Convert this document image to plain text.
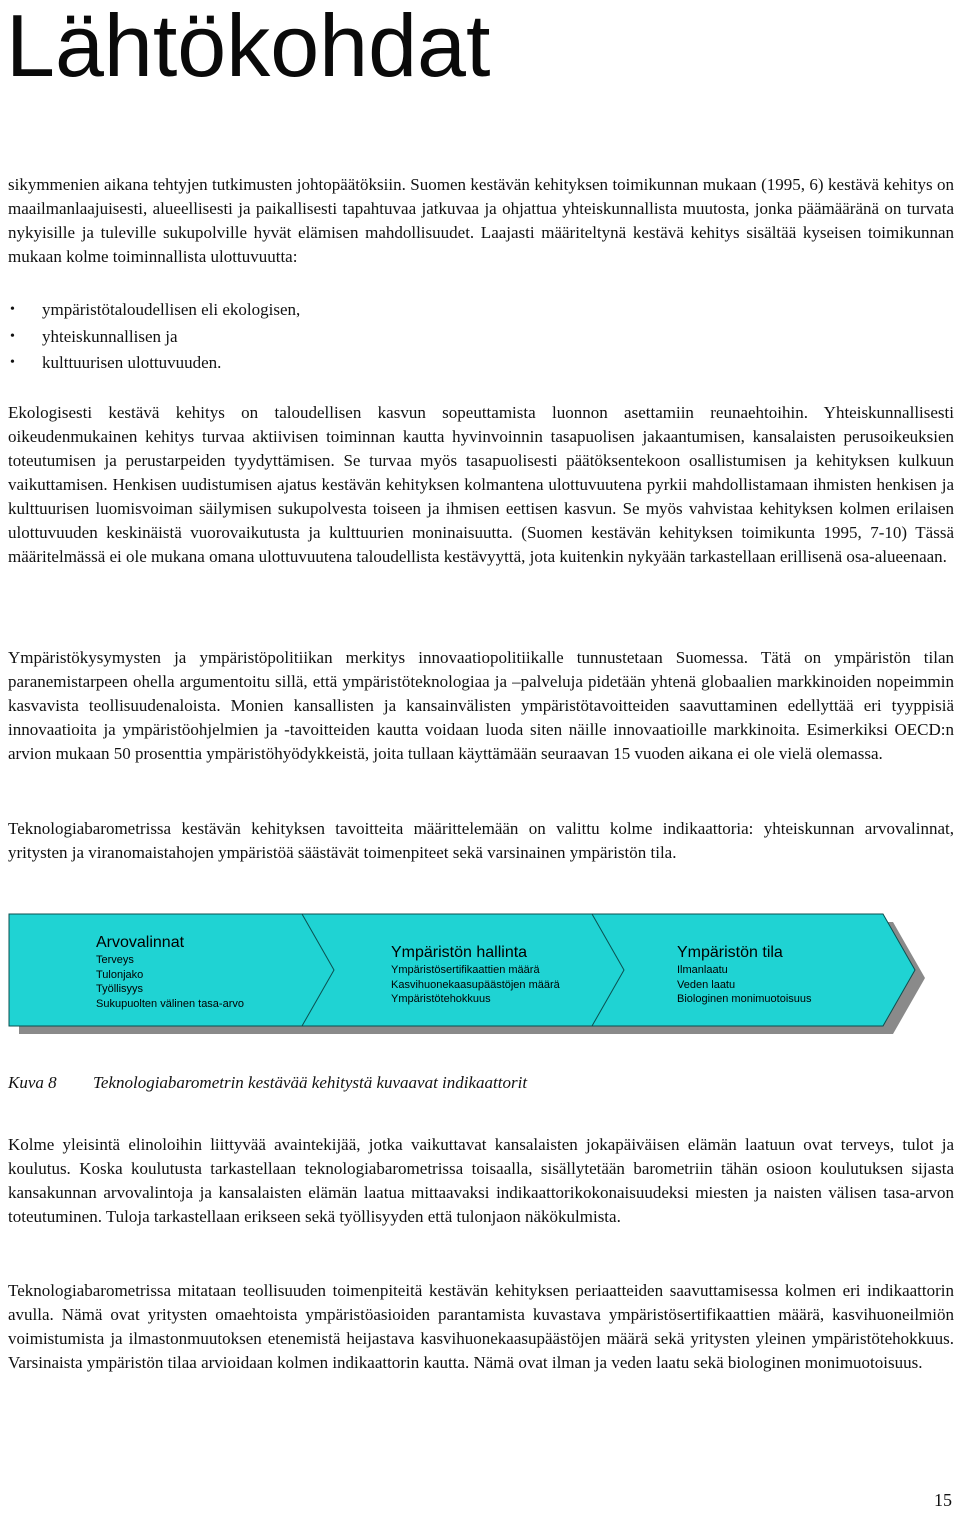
Lähtökohdat

sikymmenien aikana tehtyjen tutkimusten johtopäätöksiin. Suomen kestävän kehityksen toimikunnan mukaan (1995, 6) kestävä kehitys on maailmanlaajuisesti, alueellisesti ja paikallisesti tapahtuvaa jatkuvaa ja ohjattua yhteiskunnallista muutosta, jonka päämääränä on turvata nykyisille ja tuleville sukupolville hyvät elämisen mahdollisuudet. Laajasti määriteltynä kestävä kehitys sisältää kyseisen toimikunnan mukaan kolme toiminnallista ulottuvuutta:

• ympäristötaloudellisen eli ekologisen,
• yhteiskunnallisen ja
• kulttuurisen ulottuvuuden.

Ekologisesti kestävä kehitys on taloudellisen kasvun sopeuttamista luonnon asettamiin reunaehtoihin. Yhteiskunnallisesti oikeudenmukainen kehitys turvaa aktiivisen toiminnan kautta hyvinvoinnin tasapuolisen jakaantumisen, kansalaisten perusoikeuksien toteutumisen ja perustarpeiden tyydyttämisen. Se turvaa myös tasapuolisesti päätöksentekoon osallistumisen ja kehityksen kulkuun vaikuttamisen. Henkisen uudistumisen ajatus kestävän kehityksen kolmantena ulottuvuutena pyrkii mahdollistamaan ihmisten henkisen ja kulttuurisen luomisvoiman säilymisen sukupolvesta toiseen ja ihmisen eettisen kasvun. Se myös vahvistaa kehityksen kolmen erilaisen ulottuvuuden keskinäistä vuorovaikutusta ja kulttuurien moninaisuutta. (Suomen kestävän kehityksen toimikunta 1995, 7-10) Tässä määritelmässä ei ole mukana omana ulottuvuutena taloudellista kestävyyttä, jota kuitenkin nykyään tarkastellaan erillisenä osa-alueenaan.

Ympäristökysymysten ja ympäristöpolitiikan merkitys innovaatiopolitiikalle tunnustetaan Suomessa. Tätä on ympäristön tilan paranemistarpeen ohella argumentoitu sillä, että ympäristöteknologiaa ja –palveluja pidetään yhtenä globaalien markkinoiden nopeimmin kasvavista teollisuudenaloista. Monien kansallisten ja kansainvälisten ympäristötavoitteiden saavuttaminen edellyttää eri tyyppisiä innovaatioita ja ympäristöohjelmien ja -tavoitteiden kautta voidaan luoda siten näille innovaatioille markkinoita. Esimerkiksi OECD:n arvion mukaan 50 prosenttia ympäristöhyödykkeistä, joita tullaan käyttämään seuraavan 15 vuoden aikana ei ole vielä olemassa.

Teknologiabarometrissa kestävän kehityksen tavoitteita määrittelemään on valittu kolme indikaattoria: yhteiskunnan arvovalinnat, yritysten ja viranomaistahojen ympäristöä säästävät toimenpiteet sekä varsinainen ympäristön tila.

Arvovalinnat
Terveys
Tulonjako
Työllisyys
Sukupuolten välinen tasa-arvo
Ympäristön hallinta
Ympäristösertifikaattien määrä
Kasvihuonekaasupäästöjen määrä
Ympäristötehokkuus
Ympäristön tila
Ilmanlaatu
Veden laatu
Biologinen monimuotoisuus

Kuva 8 Teknologiabarometrin kestävää kehitystä kuvaavat indikaattorit

Kolme yleisintä elinoloihin liittyvää avaintekijää, jotka vaikuttavat kansalaisten jokapäiväisen elämän laatuun ovat terveys, tulot ja koulutus. Koska koulutusta tarkastellaan teknologiabarometrissa toisaalla, sisällytetään barometriin tähän osioon koulutuksen sijasta kansakunnan arvovalintoja ja kansalaisten elämän laatua mittaavaksi indikaattorikokonaisuudeksi miesten ja naisten välisen tasa-arvon toteutuminen. Tuloja tarkastellaan erikseen sekä työllisyyden että tulonjaon näkökulmista.

Teknologiabarometrissa mitataan teollisuuden toimenpiteitä kestävän kehityksen periaatteiden saavuttamisessa kolmen eri indikaattorin avulla. Nämä ovat yritysten omaehtoista ympäristöasioiden parantamista kuvastava ympäristösertifikaattien määrä, kasvihuoneilmiön voimistumista ja ilmastonmuutoksen etenemistä heijastava kasvihuonekaasupäästöjen määrä sekä yritysten yleinen ympäristötehokkuus. Varsinaista ympäristön tilaa arvioidaan kolmen indikaattorin kautta. Nämä ovat ilman ja veden laatu sekä biologinen monimuotoisuus.

15
